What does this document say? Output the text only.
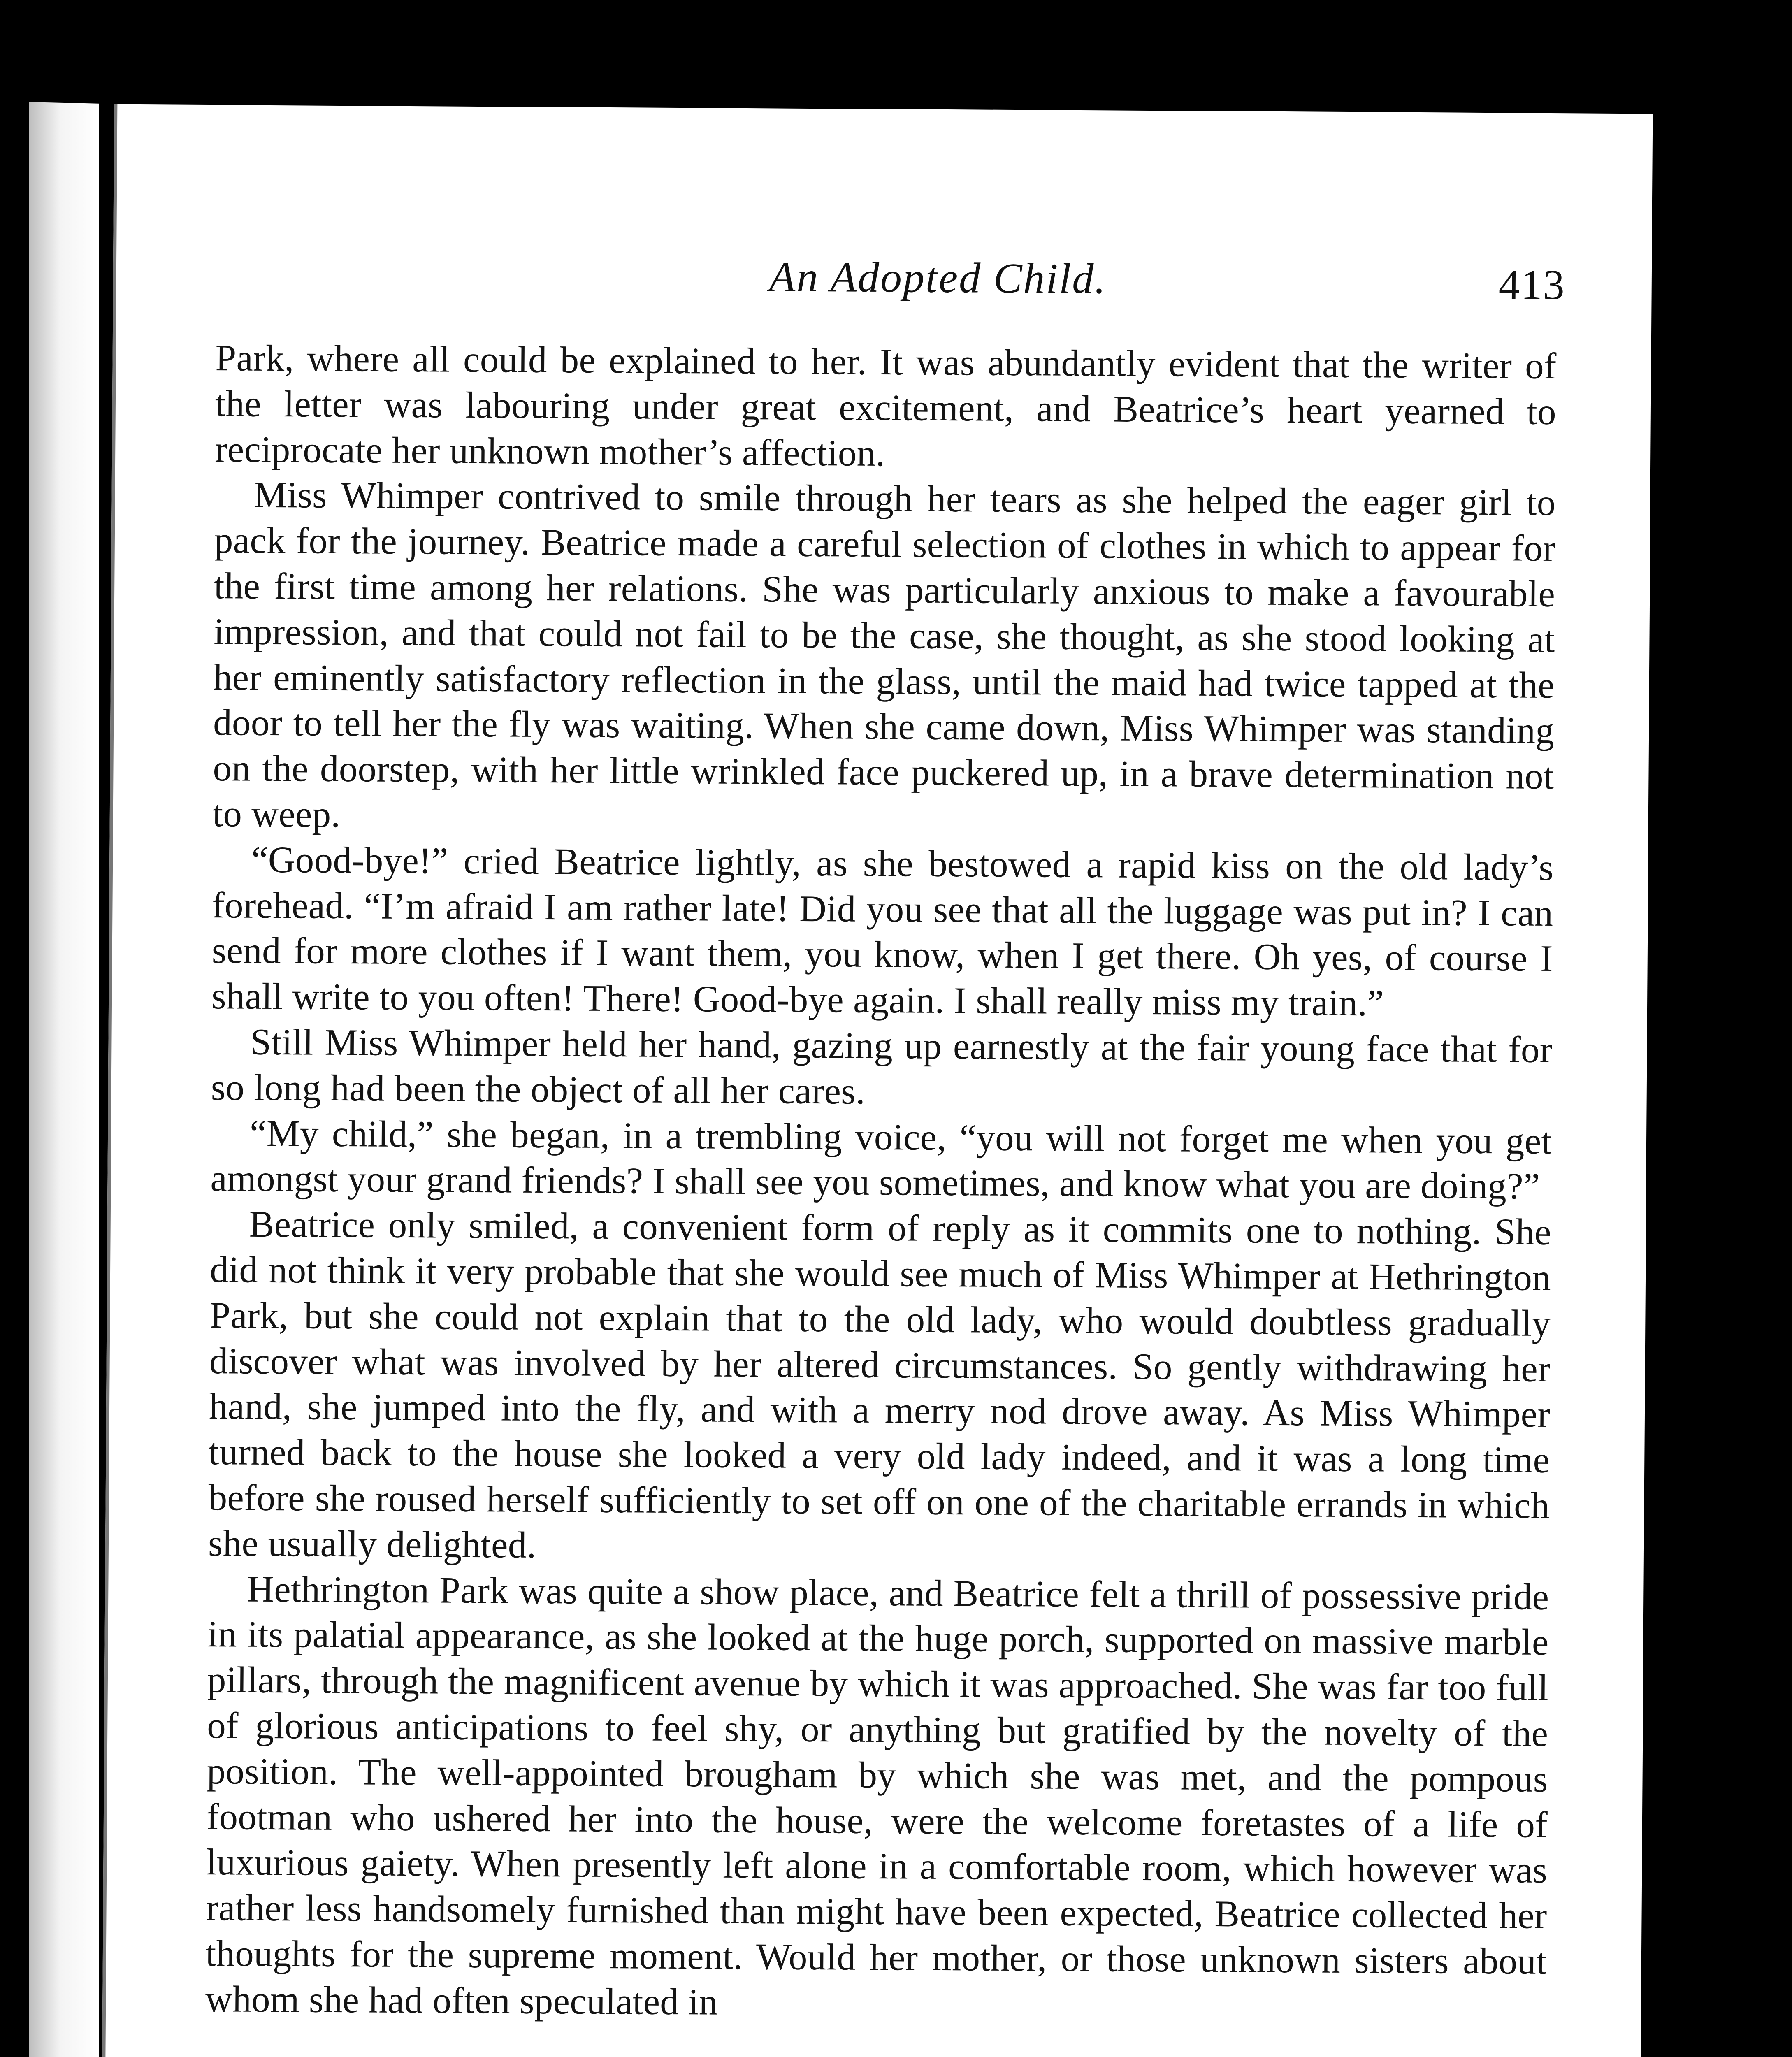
An Adopted Child.	413

Park, where all could be explained to her. It was abundantly evident that the writer of the letter was labouring under great excitement, and Beatrice’s heart yearned to reciprocate her unknown mother’s affection.

Miss Whimper contrived to smile through her tears as she helped the eager girl to pack for the journey. Beatrice made a careful selection of clothes in which to appear for the first time among her relations. She was particularly anxious to make a favourable impression, and that could not fail to be the case, she thought, as she stood looking at her eminently satisfactory reflection in the glass, until the maid had twice tapped at the door to tell her the fly was waiting. When she came down, Miss Whimper was standing on the doorstep, with her little wrinkled face puckered up, in a brave determination not to weep.

“Good-bye!” cried Beatrice lightly, as she bestowed a rapid kiss on the old lady’s forehead. “I’m afraid I am rather late! Did you see that all the luggage was put in? I can send for more clothes if I want them, you know, when I get there. Oh yes, of course I shall write to you often! There! Good-bye again. I shall really miss my train.”

Still Miss Whimper held her hand, gazing up earnestly at the fair young face that for so long had been the object of all her cares.

“My child,” she began, in a trembling voice, “you will not forget me when you get amongst your grand friends? I shall see you sometimes, and know what you are doing?”

Beatrice only smiled, a convenient form of reply as it commits one to nothing. She did not think it very probable that she would see much of Miss Whimper at Hethrington Park, but she could not explain that to the old lady, who would doubtless gradually discover what was involved by her altered circumstances. So gently withdrawing her hand, she jumped into the fly, and with a merry nod drove away. As Miss Whimper turned back to the house she looked a very old lady indeed, and it was a long time before she roused herself sufficiently to set off on one of the charitable errands in which she usually delighted.

Hethrington Park was quite a show place, and Beatrice felt a thrill of possessive pride in its palatial appearance, as she looked at the huge porch, supported on massive marble pillars, through the magnificent avenue by which it was approached. She was far too full of glorious anticipations to feel shy, or anything but gratified by the novelty of the position. The well-appointed brougham by which she was met, and the pompous footman who ushered her into the house, were the welcome foretastes of a life of luxurious gaiety. When presently left alone in a comfortable room, which however was rather less handsomely furnished than might have been expected, Beatrice collected her thoughts for the supreme moment. Would her mother, or those unknown sisters about whom she had often speculated in
